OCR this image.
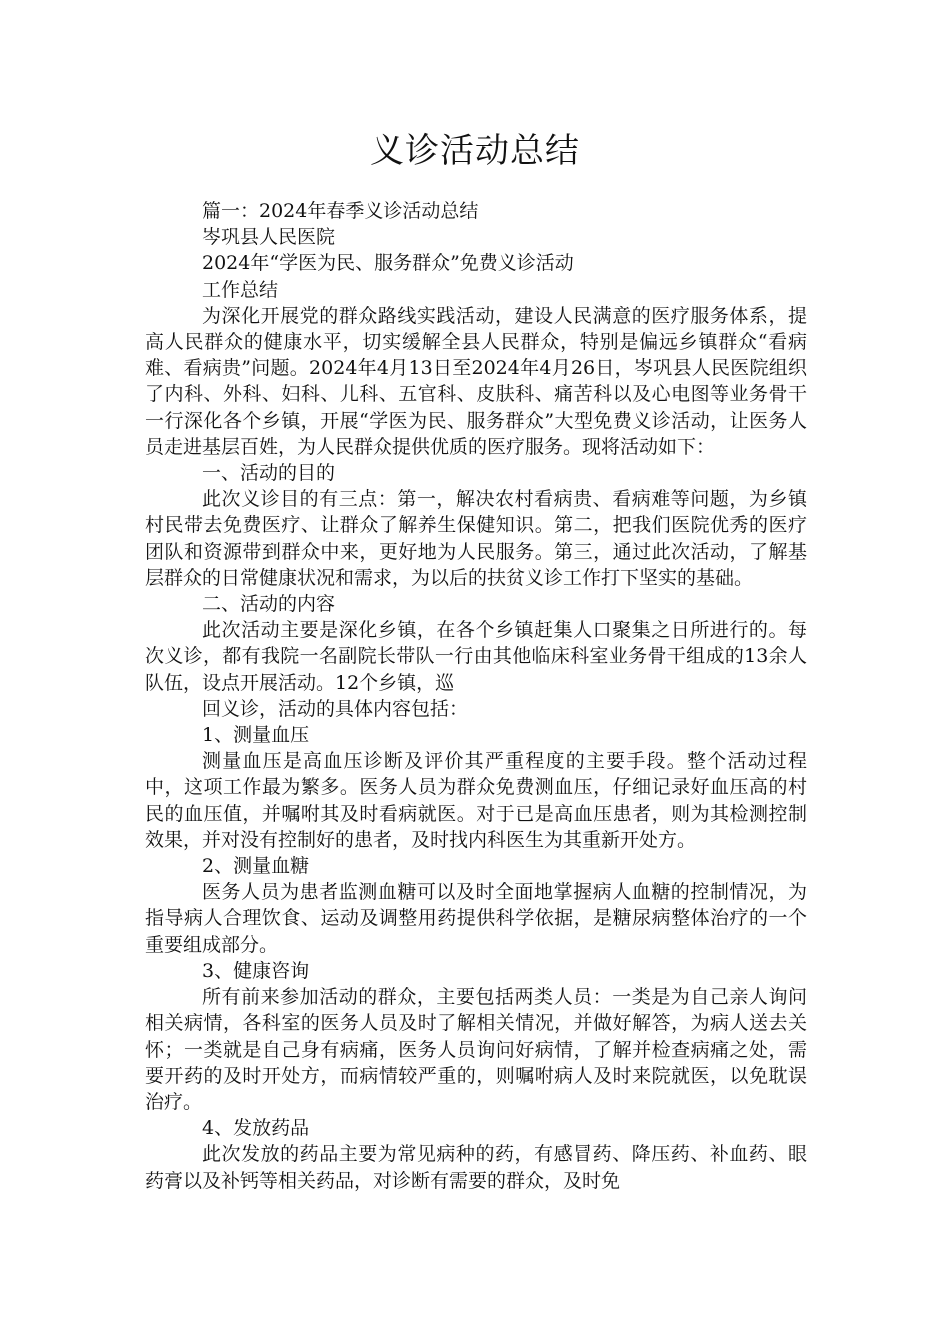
义诊活动总结

篇一：2024年春季义诊活动总结

岑巩县人民医院

2024年“学医为民、服务群众”免费义诊活动

工作总结

为深化开展党的群众路线实践活动，建设人民满意的医疗服务体系，提高人民群众的健康水平，切实缓解全县人民群众，特别是偏远乡镇群众“看病难、看病贵”问题。2024年4月13日至2024年4月26日，岑巩县人民医院组织了内科、外科、妇科、儿科、五官科、皮肤科、痛苦科以及心电图等业务骨干一行深化各个乡镇，开展“学医为民、服务群众”大型免费义诊活动，让医务人员走进基层百姓，为人民群众提供优质的医疗服务。现将活动如下：

一、活动的目的

此次义诊目的有三点：第一，解决农村看病贵、看病难等问题，为乡镇村民带去免费医疗、让群众了解养生保健知识。第二，把我们医院优秀的医疗团队和资源带到群众中来，更好地为人民服务。第三，通过此次活动，了解基层群众的日常健康状况和需求，为以后的扶贫义诊工作打下坚实的基础。

二、活动的内容

此次活动主要是深化乡镇，在各个乡镇赶集人口聚集之日所进行的。每次义诊，都有我院一名副院长带队一行由其他临床科室业务骨干组成的13余人队伍，设点开展活动。12个乡镇，巡

回义诊，活动的具体内容包括：

1、测量血压

测量血压是高血压诊断及评价其严重程度的主要手段。整个活动过程中，这项工作最为繁多。医务人员为群众免费测血压，仔细记录好血压高的村民的血压值，并嘱咐其及时看病就医。对于已是高血压患者，则为其检测控制效果，并对没有控制好的患者，及时找内科医生为其重新开处方。

2、测量血糖

医务人员为患者监测血糖可以及时全面地掌握病人血糖的控制情况，为指导病人合理饮食、运动及调整用药提供科学依据，是糖尿病整体治疗的一个重要组成部分。

3、健康咨询

所有前来参加活动的群众，主要包括两类人员：一类是为自己亲人询问相关病情，各科室的医务人员及时了解相关情况，并做好解答，为病人送去关怀；一类就是自己身有病痛，医务人员询问好病情，了解并检查病痛之处，需要开药的及时开处方，而病情较严重的，则嘱咐病人及时来院就医，以免耽误治疗。

4、发放药品

此次发放的药品主要为常见病种的药，有感冒药、降压药、补血药、眼药膏以及补钙等相关药品，对诊断有需要的群众，及时免
